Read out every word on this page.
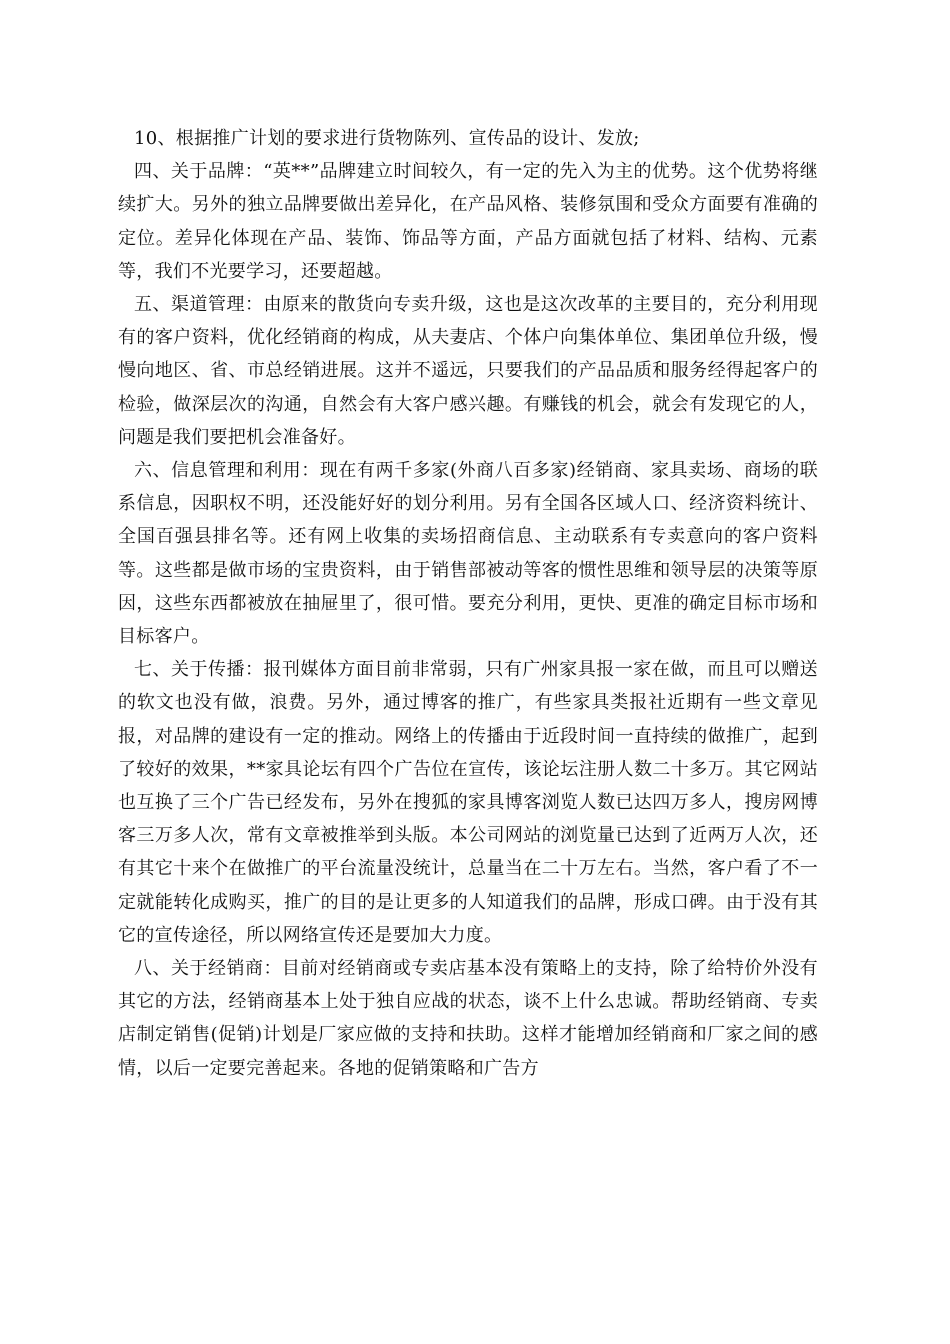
10、根据推广计划的要求进行货物陈列、宣传品的设计、发放;

四、关于品牌：“英**”品牌建立时间较久，有一定的先入为主的优势。这个优势将继续扩大。另外的独立品牌要做出差异化，在产品风格、装修氛围和受众方面要有准确的定位。差异化体现在产品、装饰、饰品等方面，产品方面就包括了材料、结构、元素等，我们不光要学习，还要超越。

五、渠道管理：由原来的散货向专卖升级，这也是这次改革的主要目的，充分利用现有的客户资料，优化经销商的构成，从夫妻店、个体户向集体单位、集团单位升级，慢慢向地区、省、市总经销进展。这并不遥远，只要我们的产品品质和服务经得起客户的检验，做深层次的沟通，自然会有大客户感兴趣。有赚钱的机会，就会有发现它的人，问题是我们要把机会准备好。

六、信息管理和利用：现在有两千多家(外商八百多家)经销商、家具卖场、商场的联系信息，因职权不明，还没能好好的划分利用。另有全国各区域人口、经济资料统计、全国百强县排名等。还有网上收集的卖场招商信息、主动联系有专卖意向的客户资料等。这些都是做市场的宝贵资料，由于销售部被动等客的惯性思维和领导层的决策等原因，这些东西都被放在抽屉里了，很可惜。要充分利用，更快、更准的确定目标市场和目标客户。

七、关于传播：报刊媒体方面目前非常弱，只有广州家具报一家在做，而且可以赠送的软文也没有做，浪费。另外，通过博客的推广，有些家具类报社近期有一些文章见报，对品牌的建设有一定的推动。网络上的传播由于近段时间一直持续的做推广，起到了较好的效果，**家具论坛有四个广告位在宣传，该论坛注册人数二十多万。其它网站也互换了三个广告已经发布，另外在搜狐的家具博客浏览人数已达四万多人，搜房网博客三万多人次，常有文章被推举到头版。本公司网站的浏览量已达到了近两万人次，还有其它十来个在做推广的平台流量没统计，总量当在二十万左右。当然，客户看了不一定就能转化成购买，推广的目的是让更多的人知道我们的品牌，形成口碑。由于没有其它的宣传途径，所以网络宣传还是要加大力度。

八、关于经销商：目前对经销商或专卖店基本没有策略上的支持，除了给特价外没有其它的方法，经销商基本上处于独自应战的状态，谈不上什么忠诚。帮助经销商、专卖店制定销售(促销)计划是厂家应做的支持和扶助。这样才能增加经销商和厂家之间的感情，以后一定要完善起来。各地的促销策略和广告方
